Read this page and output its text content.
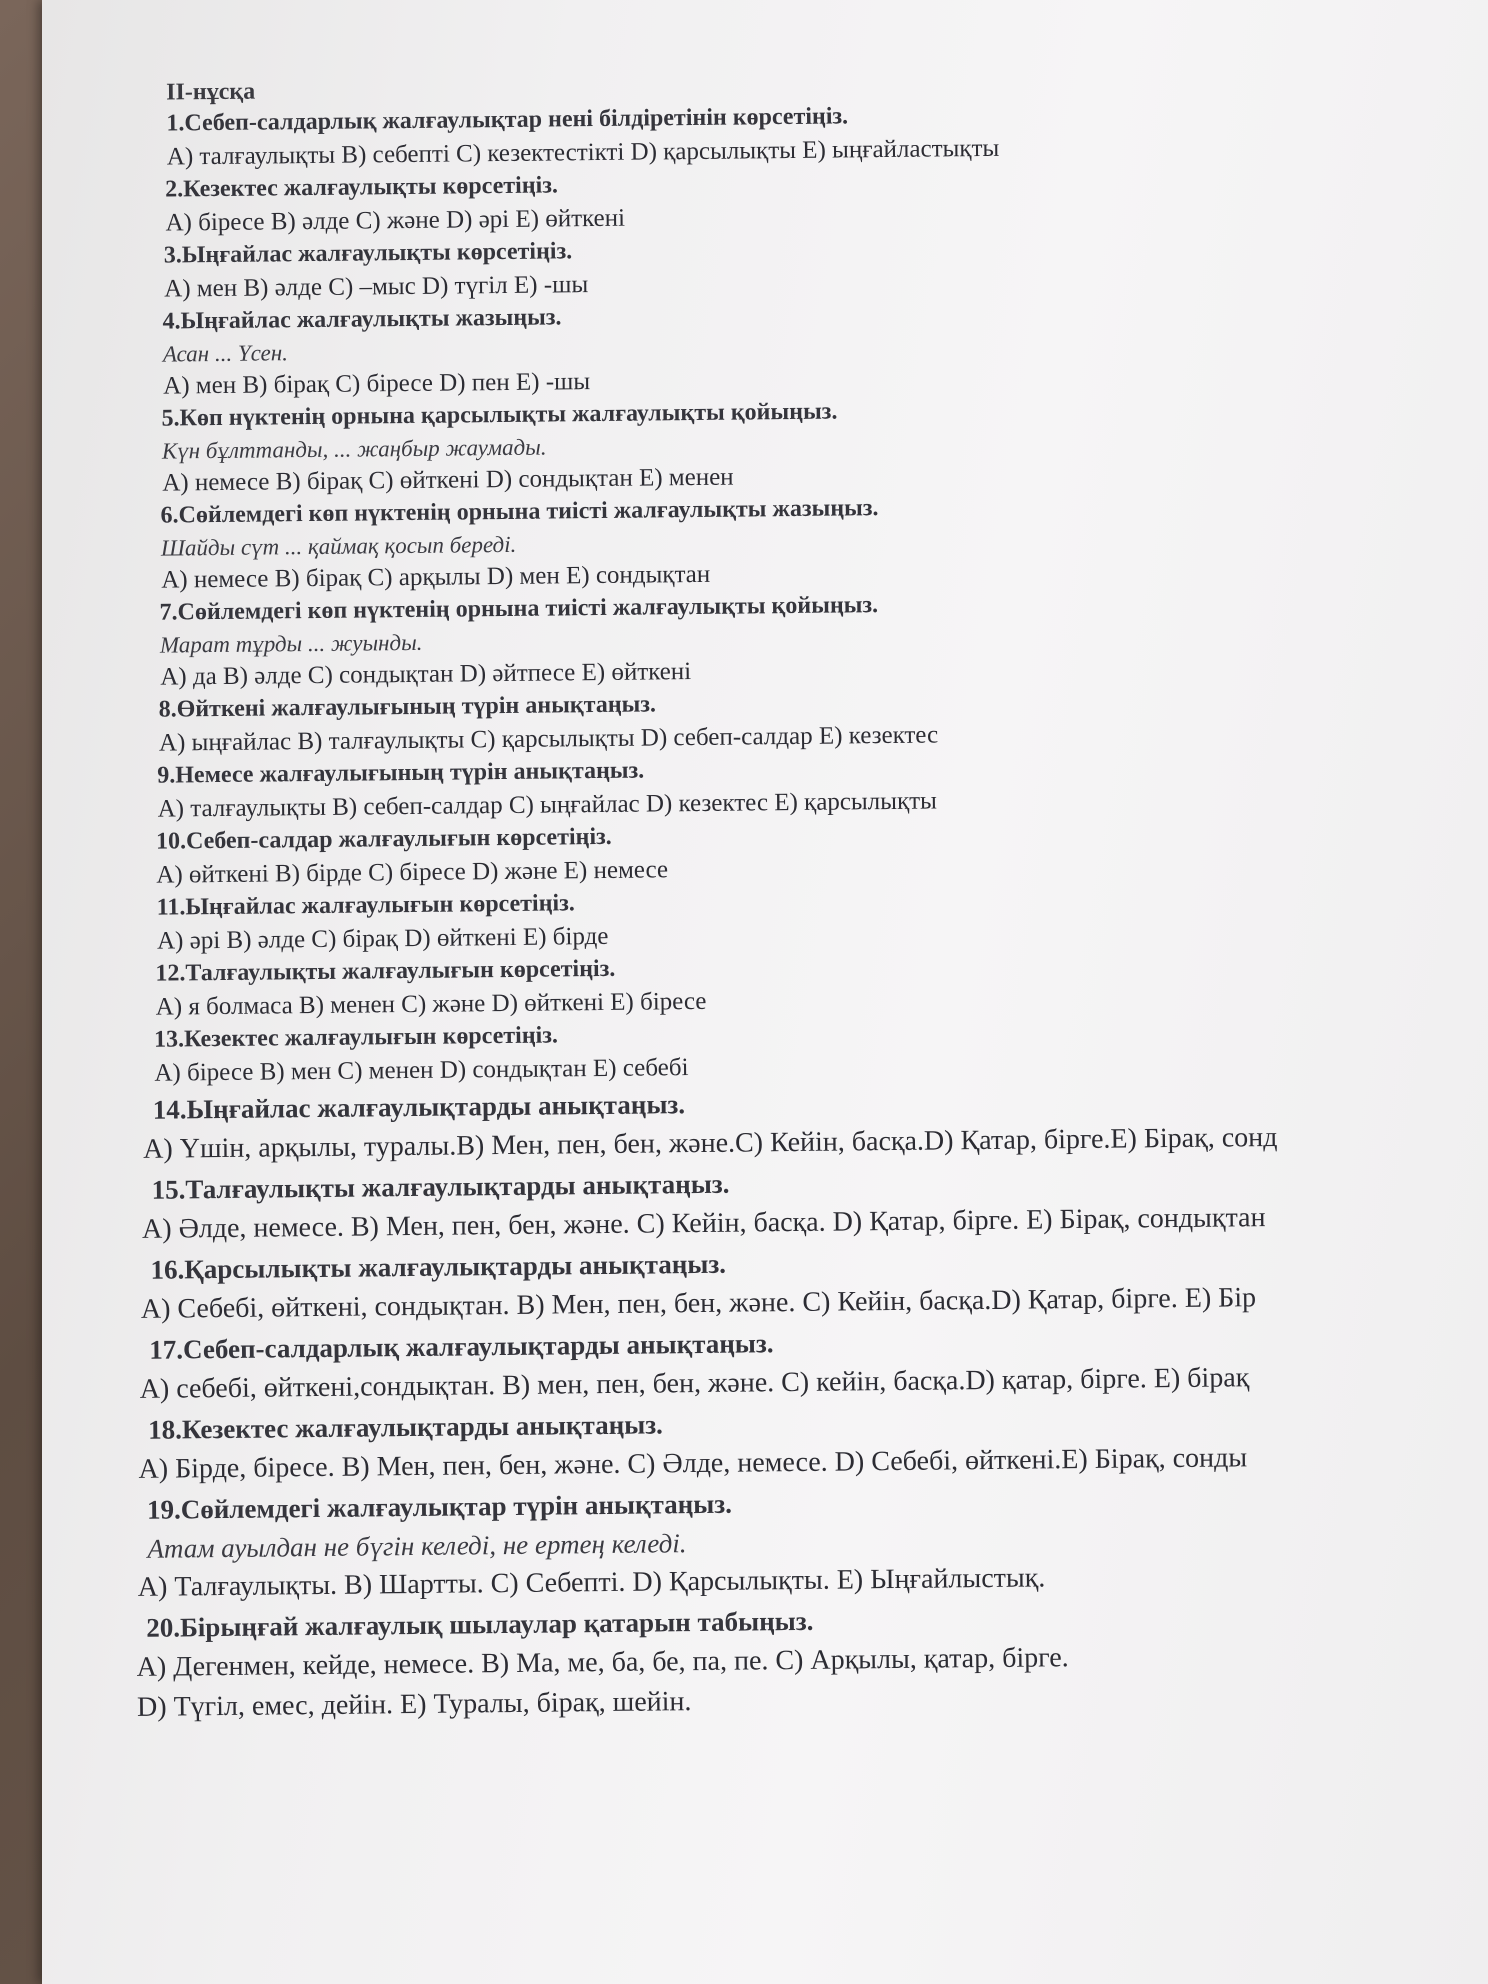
II-нұсқа
1.Себеп-салдарлық жалғаулықтар нені білдіретінін көрсетіңіз.
A) талғаулықты B) себепті C) кезектестікті D) қарсылықты E) ыңғайластықты
2.Кезектес жалғаулықты көрсетіңіз.
A) біресе B) әлде C) және D) әрі E) өйткені
3.Ыңғайлас жалғаулықты көрсетіңіз.
A) мен B) әлде C) –мыс D) түгіл E) -шы
4.Ыңғайлас жалғаулықты жазыңыз.
Асан ... Үсен.
A) мен B) бірақ C) біресе D) пен E) -шы
5.Көп нүктенің орнына қарсылықты жалғаулықты қойыңыз.
Күн бұлттанды, ... жаңбыр жаумады.
A) немесе B) бірақ C) өйткені D) сондықтан E) менен
6.Сөйлемдегі көп нүктенің орнына тиісті жалғаулықты жазыңыз.
Шайды сүт ... қаймақ қосып береді.
A) немесе B) бірақ C) арқылы D) мен E) сондықтан
7.Сөйлемдегі көп нүктенің орнына тиісті жалғаулықты қойыңыз.
Марат тұрды ... жуынды.
A) да B) әлде C) сондықтан D) әйтпесе E) өйткені
8.Өйткені жалғаулығының түрін анықтаңыз.
A) ыңғайлас B) талғаулықты C) қарсылықты D) себеп-салдар E) кезектес
9.Немесе жалғаулығының түрін анықтаңыз.
A) талғаулықты B) себеп-салдар C) ыңғайлас D) кезектес E) қарсылықты
10.Себеп-салдар жалғаулығын көрсетіңіз.
A) өйткені B) бірде C) біресе D) және E) немесе
11.Ыңғайлас жалғаулығын көрсетіңіз.
A) әрі B) әлде C) бірақ D) өйткені E) бірде
12.Талғаулықты жалғаулығын көрсетіңіз.
A) я болмаса B) менен C) және D) өйткені E) біресе
13.Кезектес жалғаулығын көрсетіңіз.
A) біресе B) мен C) менен D) сондықтан E) себебі
14.Ыңғайлас жалғаулықтарды анықтаңыз.
A) Үшін, арқылы, туралы.B) Мен, пен, бен, және.C) Кейін, басқа.D) Қатар, бірге.E) Бірақ, сонд
15.Талғаулықты жалғаулықтарды анықтаңыз.
A) Әлде, немесе. B) Мен, пен, бен, және. C) Кейін, басқа. D) Қатар, бірге. E) Бірақ, сондықтан
16.Қарсылықты жалғаулықтарды анықтаңыз.
A) Себебі, өйткені, сондықтан. B) Мен, пен, бен, және. C) Кейін, басқа.D) Қатар, бірге. E) Бір
17.Себеп-салдарлық жалғаулықтарды анықтаңыз.
A) себебі, өйткені,сондықтан. B) мен, пен, бен, және. C) кейін, басқа.D) қатар, бірге. E) бірақ
18.Кезектес жалғаулықтарды анықтаңыз.
A) Бірде, біресе. B) Мен, пен, бен, және. C) Әлде, немесе. D) Себебі, өйткені.E) Бірақ, сонды
19.Сөйлемдегі жалғаулықтар түрін анықтаңыз.
Атам ауылдан не бүгін келеді, не ертең келеді.
A) Талғаулықты. B) Шартты. C) Себепті. D) Қарсылықты. E) Ыңғайлыстық.
20.Бірыңғай жалғаулық шылаулар қатарын табыңыз.
A) Дегенмен, кейде, немесе. B) Ма, ме, ба, бе, па, пе. C) Арқылы, қатар, бірге.
D) Түгіл, емес, дейін. E) Туралы, бірақ, шейін.
